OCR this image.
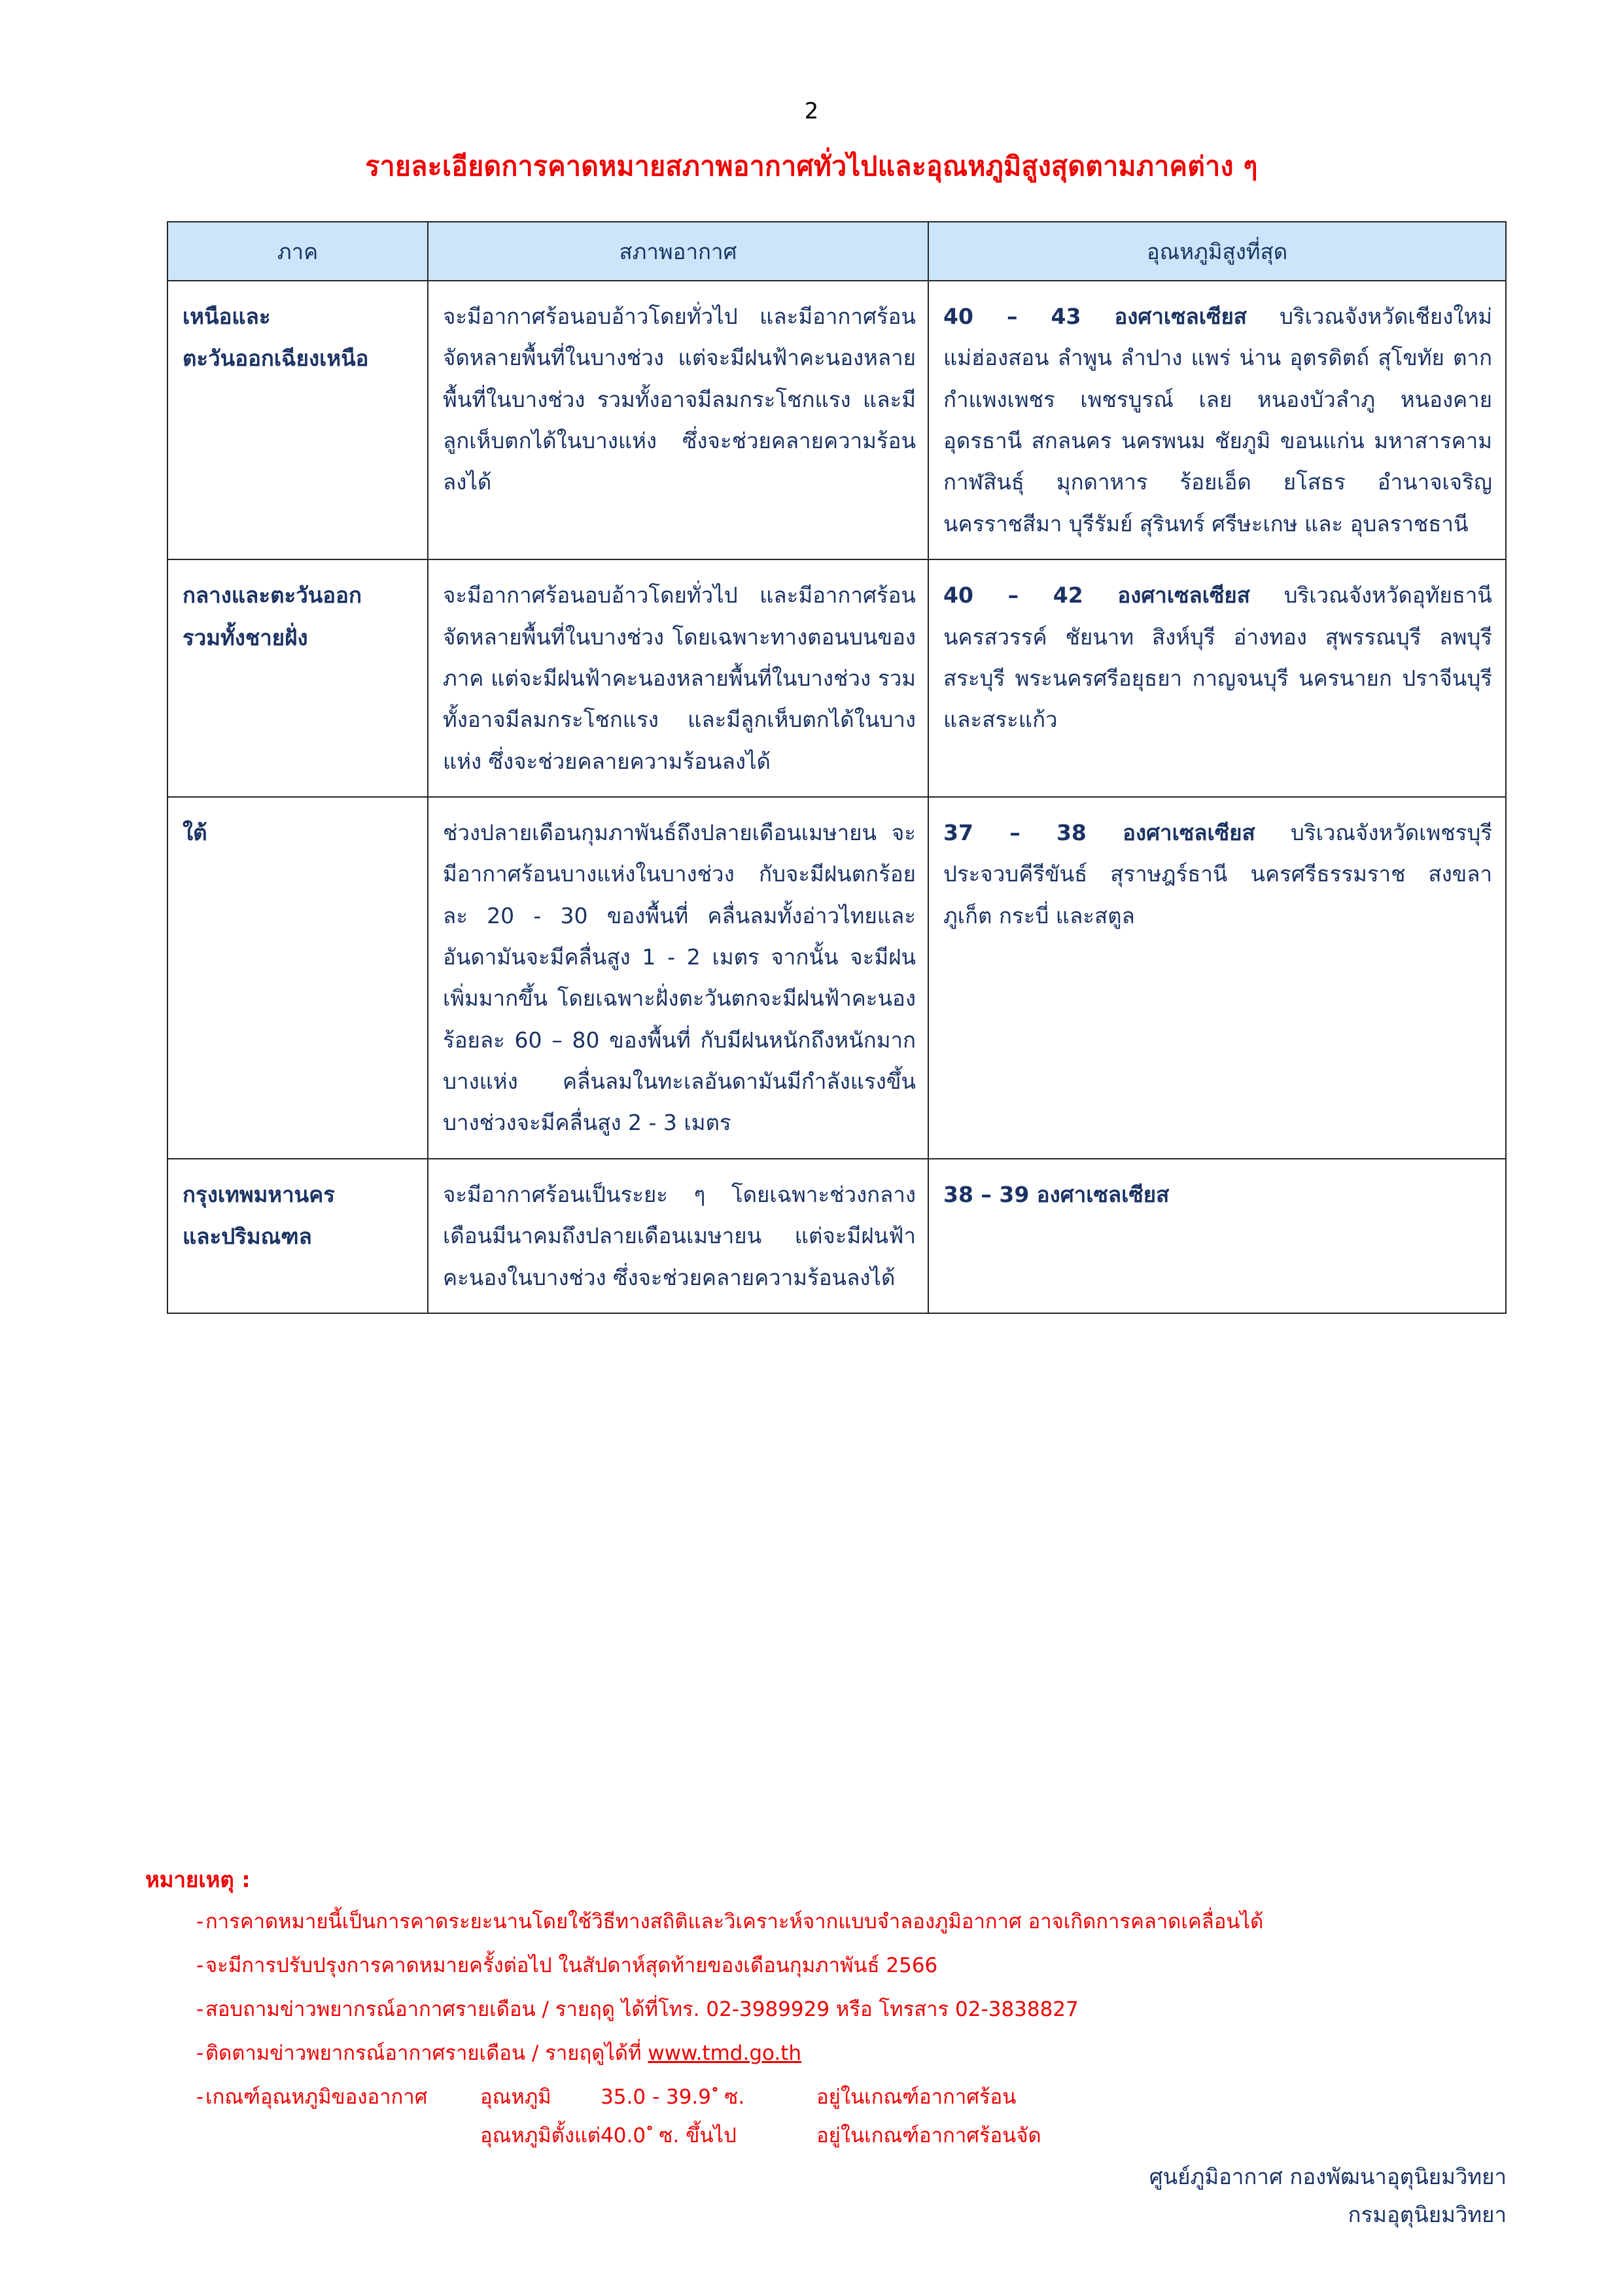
2
รายละเอียดการคาดหมายสภาพอากาศทั่วไปและอุณหภูมิสูงสุดตามภาคต่าง ๆ
ภาค	สภาพอากาศ	อุณหภูมิสูงที่สุด

เหนือและ
ตะวันออกเฉียงเหนือ	จะมีอากาศร้อนอบอ้าวโดยทั่วไป และมีอากาศร้อนจัดหลายพื้นที่ในบางช่วง แต่จะมีฝนฟ้าคะนองหลายพื้นที่ในบางช่วง รวมทั้งอาจมีลมกระโชกแรง และมีลูกเห็บตกได้ในบางแห่ง ซึ่งจะช่วยคลายความร้อนลงได้	40 – 43 องศาเซลเซียส บริเวณจังหวัดเชียงใหม่ แม่ฮ่องสอน ลำพูน ลำปาง แพร่ น่าน อุตรดิตถ์ สุโขทัย ตาก กำแพงเพชร เพชรบูรณ์ เลย หนองบัวลำภู หนองคาย อุดรธานี สกลนคร นครพนม ชัยภูมิ ขอนแก่น มหาสารคาม กาฬสินธุ์ มุกดาหาร ร้อยเอ็ด ยโสธร อำนาจเจริญนครราชสีมา บุรีรัมย์ สุรินทร์ ศรีษะเกษ และ อุบลราชธานี

กลางและตะวันออก
รวมทั้งชายฝั่ง	จะมีอากาศร้อนอบอ้าวโดยทั่วไป และมีอากาศร้อนจัดหลายพื้นที่ในบางช่วง โดยเฉพาะทางตอนบนของภาค แต่จะมีฝนฟ้าคะนองหลายพื้นที่ในบางช่วง รวมทั้งอาจมีลมกระโชกแรง และมีลูกเห็บตกได้ในบางแห่ง ซึ่งจะช่วยคลายความร้อนลงได้	40 – 42 องศาเซลเซียส บริเวณจังหวัดอุทัยธานี นครสวรรค์ ชัยนาท สิงห์บุรี อ่างทอง สุพรรณบุรี ลพบุรี สระบุรี พระนครศรีอยุธยา กาญจนบุรี นครนายก ปราจีนบุรี และสระแก้ว

ใต้	ช่วงปลายเดือนกุมภาพันธ์ถึงปลายเดือนเมษายน จะมีอากาศร้อนบางแห่งในบางช่วง กับจะมีฝนตกร้อยละ 20 - 30 ของพื้นที่ คลื่นลมทั้งอ่าวไทยและอันดามันจะมีคลื่นสูง 1 - 2 เมตร จากนั้น จะมีฝนเพิ่มมากขึ้น โดยเฉพาะฝั่งตะวันตกจะมีฝนฟ้าคะนองร้อยละ 60 – 80 ของพื้นที่ กับมีฝนหนักถึงหนักมากบางแห่ง คลื่นลมในทะเลอันดามันมีกำลังแรงขึ้น บางช่วงจะมีคลื่นสูง 2 - 3 เมตร	37 – 38 องศาเซลเซียส บริเวณจังหวัดเพชรบุรี ประจวบคีรีขันธ์ สุราษฎร์ธานี นครศรีธรรมราช สงขลา ภูเก็ต กระบี่ และสตูล

กรุงเทพมหานคร
และปริมณฑล	จะมีอากาศร้อนเป็นระยะ ๆ โดยเฉพาะช่วงกลางเดือนมีนาคมถึงปลายเดือนเมษายน แต่จะมีฝนฟ้าคะนองในบางช่วง ซึ่งจะช่วยคลายความร้อนลงได้	38 – 39 องศาเซลเซียส
หมายเหตุ :
- การคาดหมายนี้เป็นการคาดระยะนานโดยใช้วิธีทางสถิติและวิเคราะห์จากแบบจำลองภูมิอากาศ อาจเกิดการคลาดเคลื่อนได้
- จะมีการปรับปรุงการคาดหมายครั้งต่อไป ในสัปดาห์สุดท้ายของเดือนกุมภาพันธ์ 2566
- สอบถามข่าวพยากรณ์อากาศรายเดือน / รายฤดู ได้ที่โทร. 02-3989929 หรือ โทรสาร 02-3838827
- ติดตามข่าวพยากรณ์อากาศรายเดือน / รายฤดูได้ที่ www.tmd.go.th
- เกณฑ์อุณหภูมิของอากาศ	อุณหภูมิ	35.0 - 39.9 ํ ซ.	อยู่ในเกณฑ์อากาศร้อน
	อุณหภูมิตั้งแต่	40.0 ํ ซ. ขึ้นไป	อยู่ในเกณฑ์อากาศร้อนจัด
ศูนย์ภูมิอากาศ กองพัฒนาอุตุนิยมวิทยา
กรมอุตุนิยมวิทยา
